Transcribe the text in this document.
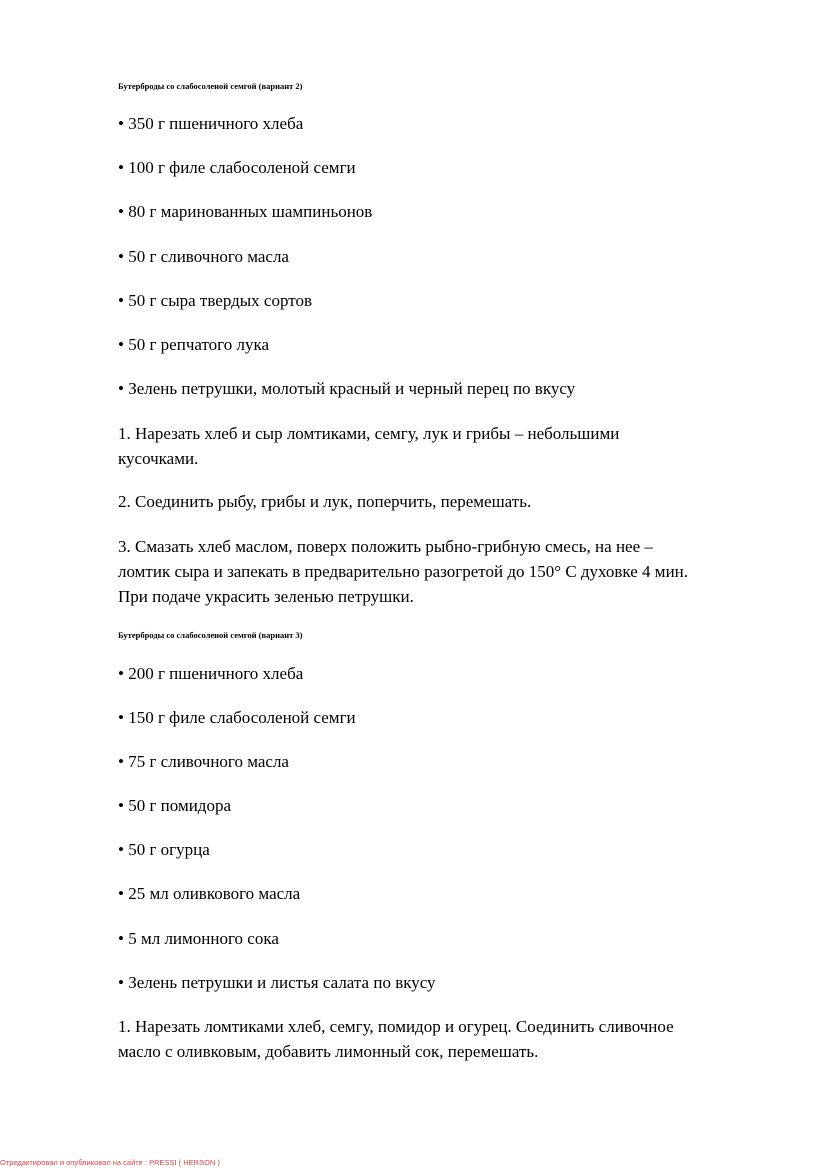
Бутерброды со слабосоленой семгой (вариант 2)
• 350 г пшеничного хлеба
• 100 г филе слабосоленой семги
• 80 г маринованных шампиньонов
• 50 г сливочного масла
• 50 г сыра твердых сортов
• 50 г репчатого лука
• Зелень петрушки, молотый красный и черный перец по вкусу
1. Нарезать хлеб и сыр ломтиками, семгу, лук и грибы – небольшими
кусочками.
2. Соединить рыбу, грибы и лук, поперчить, перемешать.
3. Смазать хлеб маслом, поверх положить рыбно-грибную смесь, на нее –
ломтик сыра и запекать в предварительно разогретой до 150° С духовке 4 мин.
При подаче украсить зеленью петрушки.
Бутерброды со слабосоленой семгой (вариант 3)
• 200 г пшеничного хлеба
• 150 г филе слабосоленой семги
• 75 г сливочного масла
• 50 г помидора
• 50 г огурца
• 25 мл оливкового масла
• 5 мл лимонного сока
• Зелень петрушки и листья салата по вкусу
1. Нарезать ломтиками хлеб, семгу, помидор и огурец. Соединить сливочное
масло с оливковым, добавить лимонный сок, перемешать.
Отредактировал и опубликовал на сайте : PRESSI ( HERSON )
